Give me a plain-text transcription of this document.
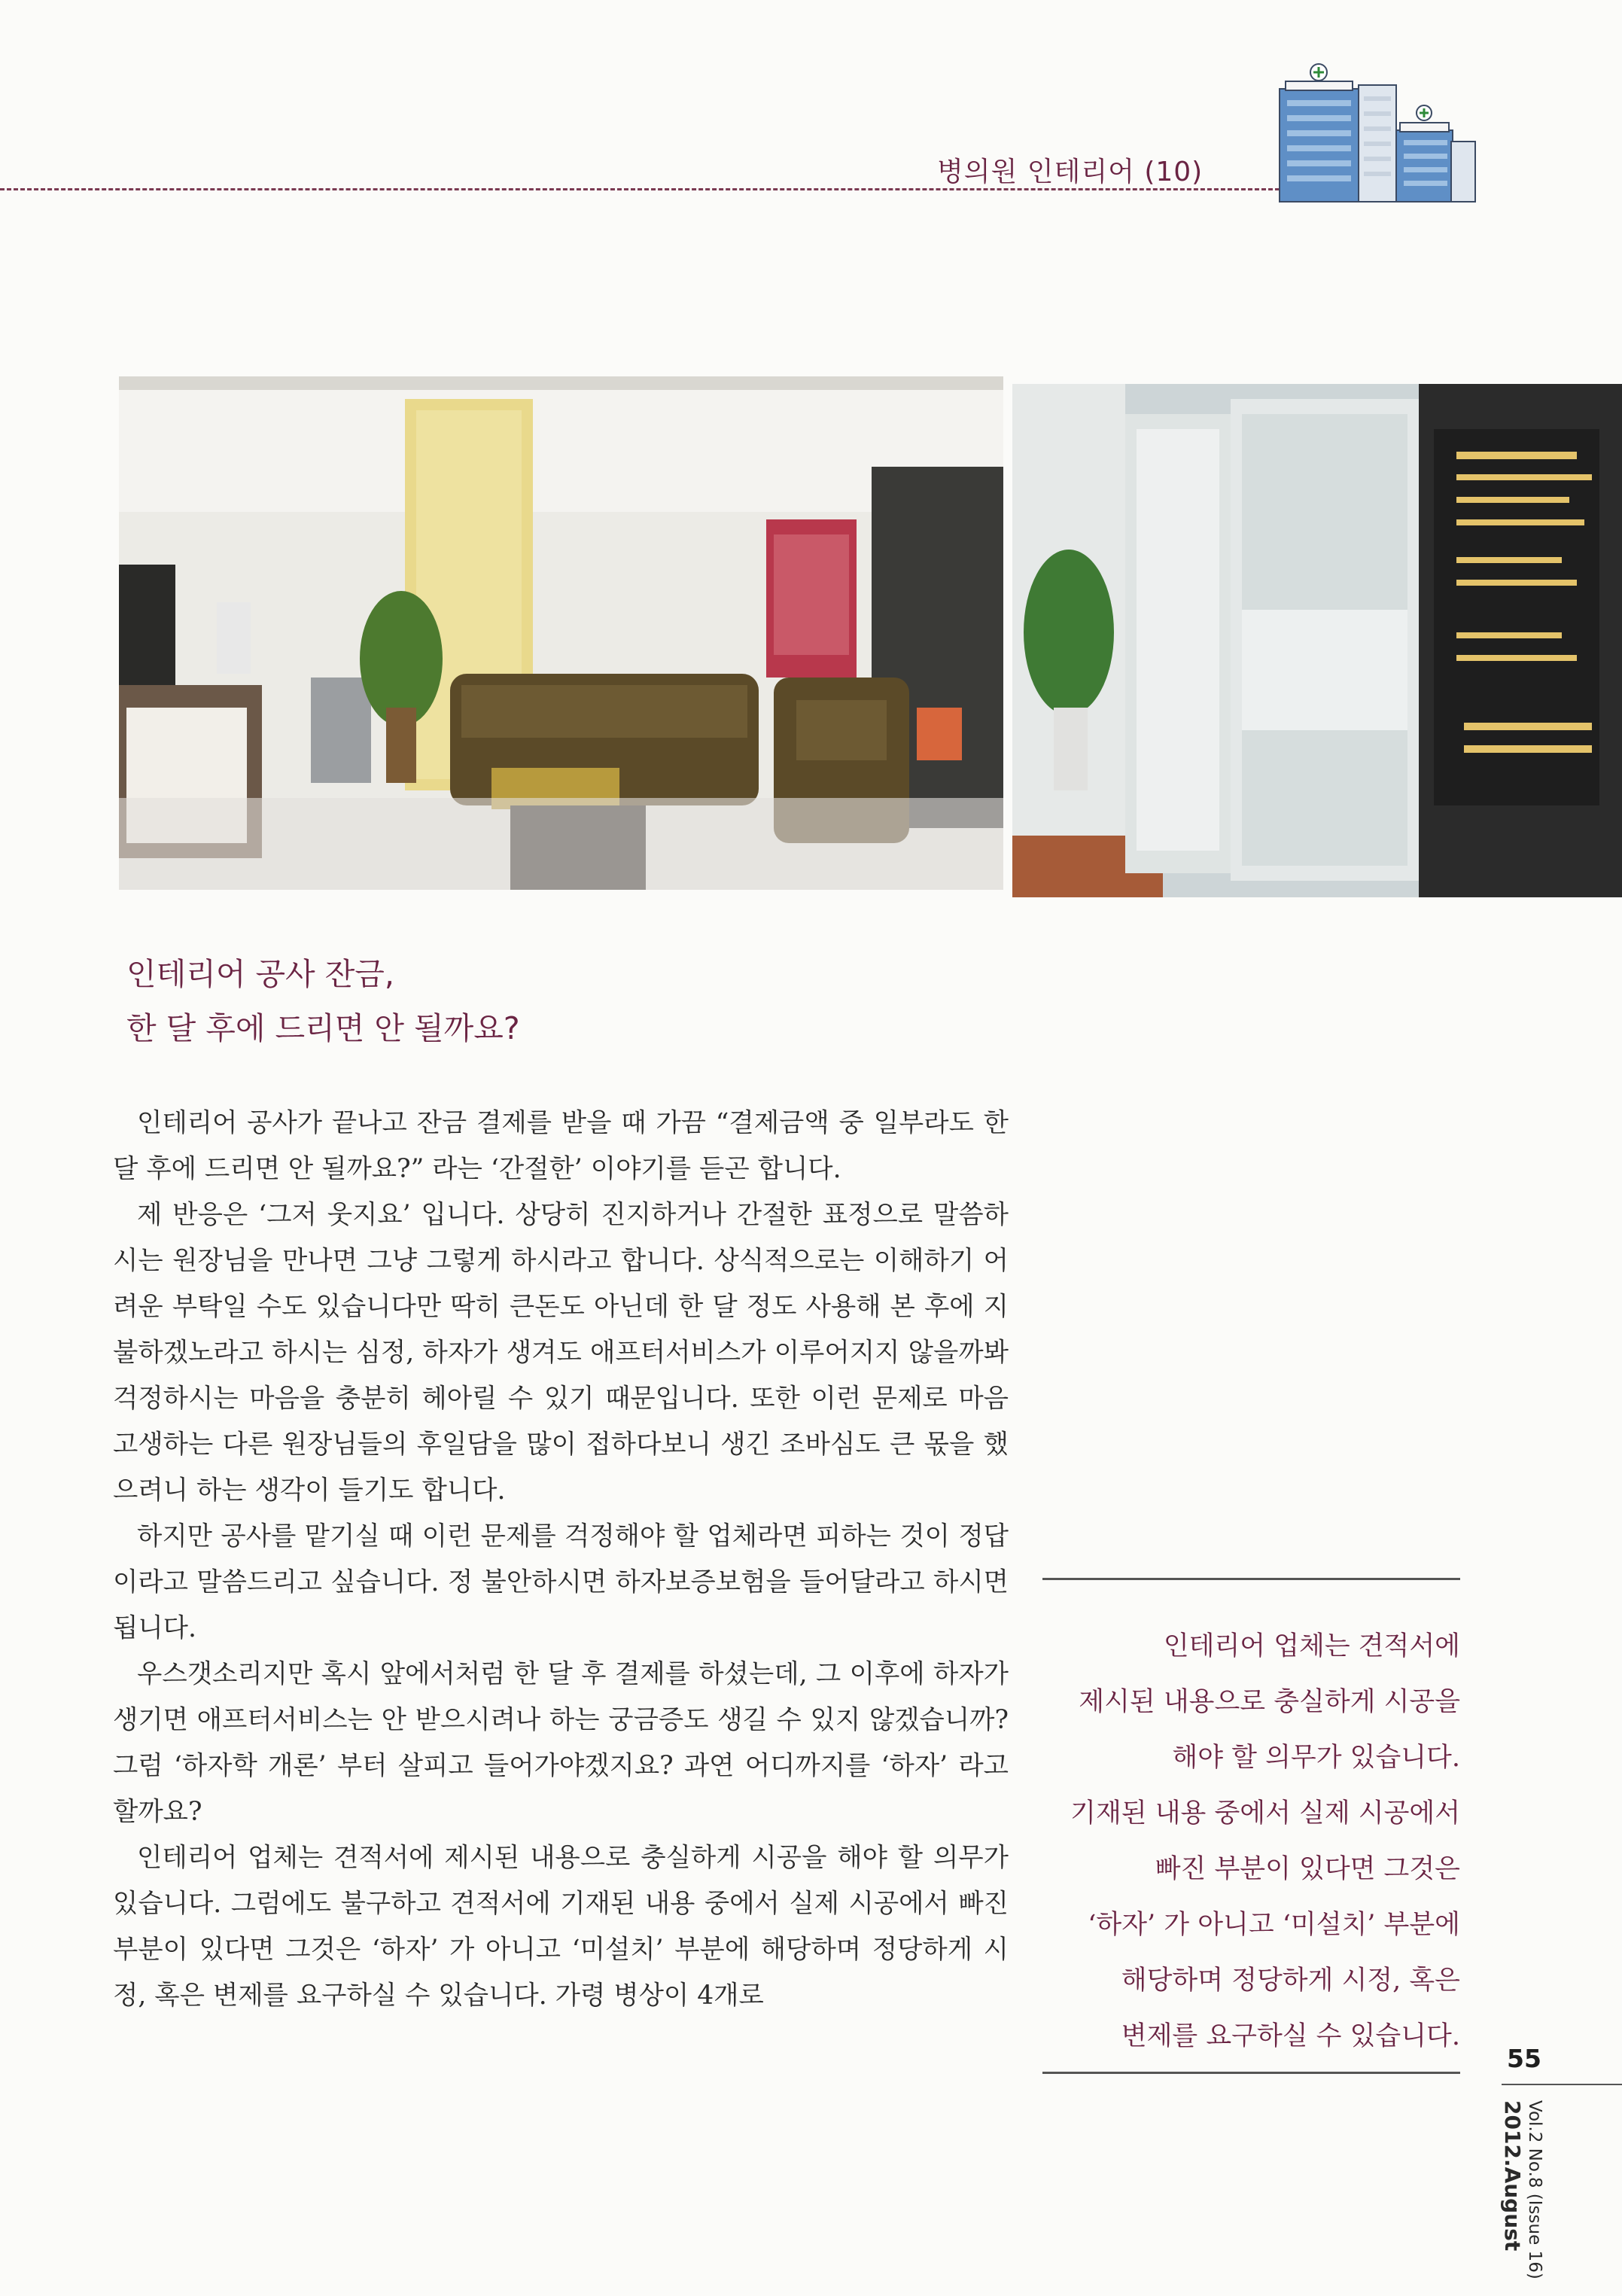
병의원 인테리어 (10)
인테리어 공사 잔금,
한 달 후에 드리면 안 될까요?

인테리어 공사가 끝나고 잔금 결제를 받을 때 가끔 “결제금액 중 일부라도 한 달 후에 드리면 안 될까요?” 라는 ‘간절한’ 이야기를 듣곤 합니다.

제 반응은 ‘그저 웃지요’ 입니다. 상당히 진지하거나 간절한 표정으로 말씀하시는 원장님을 만나면 그냥 그렇게 하시라고 합니다. 상식적으로는 이해하기 어려운 부탁일 수도 있습니다만 딱히 큰돈도 아닌데 한 달 정도 사용해 본 후에 지불하겠노라고 하시는 심정, 하자가 생겨도 애프터서비스가 이루어지지 않을까봐 걱정하시는 마음을 충분히 헤아릴 수 있기 때문입니다. 또한 이런 문제로 마음 고생하는 다른 원장님들의 후일담을 많이 접하다보니 생긴 조바심도 큰 몫을 했으려니 하는 생각이 들기도 합니다.

하지만 공사를 맡기실 때 이런 문제를 걱정해야 할 업체라면 피하는 것이 정답이라고 말씀드리고 싶습니다. 정 불안하시면 하자보증보험을 들어달라고 하시면 됩니다.

우스갯소리지만 혹시 앞에서처럼 한 달 후 결제를 하셨는데, 그 이후에 하자가 생기면 애프터서비스는 안 받으시려나 하는 궁금증도 생길 수 있지 않겠습니까? 그럼 ‘하자학 개론’ 부터 살피고 들어가야겠지요? 과연 어디까지를 ‘하자’ 라고 할까요?

인테리어 업체는 견적서에 제시된 내용으로 충실하게 시공을 해야 할 의무가 있습니다. 그럼에도 불구하고 견적서에 기재된 내용 중에서 실제 시공에서 빠진 부분이 있다면 그것은 ‘하자’ 가 아니고 ‘미설치’ 부분에 해당하며 정당하게 시정, 혹은 변제를 요구하실 수 있습니다. 가령 병상이 4개로

인테리어 업체는 견적서에
제시된 내용으로 충실하게 시공을
해야 할 의무가 있습니다.
기재된 내용 중에서 실제 시공에서
빠진 부분이 있다면 그것은
‘하자’ 가 아니고 ‘미설치’ 부분에
해당하며 정당하게 시정, 혹은
변제를 요구하실 수 있습니다.
55
Vol.2 No.8 (Issue 16)
2012.August
